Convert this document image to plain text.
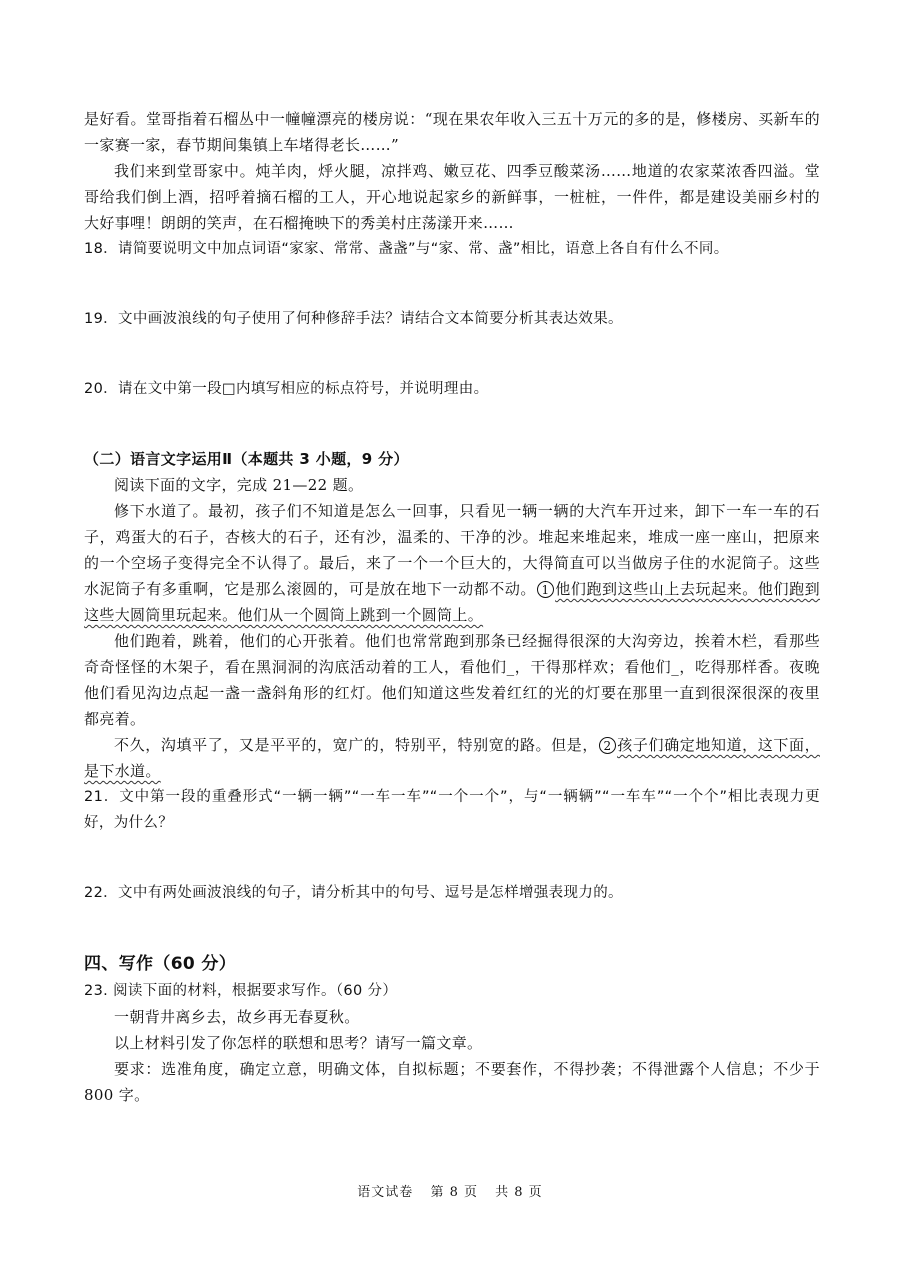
是好看。堂哥指着石榴丛中一幢幢漂亮的楼房说：“现在果农年收入三五十万元的多的是，修楼房、买新车的一家赛一家，春节期间集镇上车堵得老长……”

我们来到堂哥家中。炖羊肉，烀火腿，凉拌鸡、嫩豆花、四季豆酸菜汤……地道的农家菜浓香四溢。堂哥给我们倒上酒，招呼着摘石榴的工人，开心地说起家乡的新鲜事，一桩桩，一件件，都是建设美丽乡村的大好事哩！朗朗的笑声，在石榴掩映下的秀美村庄荡漾开来……

18．请简要说明文中加点词语“家家、常常、盏盏”与“家、常、盏”相比，语意上各自有什么不同。

19．文中画波浪线的句子使用了何种修辞手法？请结合文本简要分析其表达效果。

20．请在文中第一段□内填写相应的标点符号，并说明理由。

（二）语言文字运用Ⅱ（本题共 3 小题，9 分）

阅读下面的文字，完成 21—22 题。

修下水道了。最初，孩子们不知道是怎么一回事，只看见一辆一辆的大汽车开过来，卸下一车一车的石子，鸡蛋大的石子，杏核大的石子，还有沙，温柔的、干净的沙。堆起来堆起来，堆成一座一座山，把原来的一个空场子变得完全不认得了。最后，来了一个一个巨大的，大得简直可以当做房子住的水泥筒子。这些水泥筒子有多重啊，它是那么滚圆的，可是放在地下一动都不动。 1 他们跑到这些山上去玩起来。他们跑到这些大圆筒里玩起来。他们从一个圆筒上跳到一个圆筒上。

他们跑着，跳着，他们的心开张着。他们也常常跑到那条已经掘得很深的大沟旁边，挨着木栏，看那些奇奇怪怪的木架子，看在黑洞洞的沟底活动着的工人，看他们_，干得那样欢；看他们_，吃得那样香。夜晚他们看见沟边点起一盏一盏斜角形的红灯。他们知道这些发着红红的光的灯要在那里一直到很深很深的夜里都亮着。

不久，沟填平了，又是平平的，宽广的，特别平，特别宽的路。但是， 2 孩子们确定地知道，这下面，是下水道。

21．文中第一段的重叠形式“一辆一辆”“一车一车”“一个一个”，与“一辆辆”“一车车”“一个个”相比表现力更好，为什么？

22．文中有两处画波浪线的句子，请分析其中的句号、逗号是怎样增强表现力的。

四、写作（60 分）

23. 阅读下面的材料，根据要求写作。（60 分）

一朝背井离乡去，故乡再无春夏秋。

以上材料引发了你怎样的联想和思考？请写一篇文章。

要求：选准角度，确定立意，明确文体，自拟标题；不要套作，不得抄袭；不得泄露个人信息；不少于 800 字。

语文试卷 第 8 页 共 8 页
